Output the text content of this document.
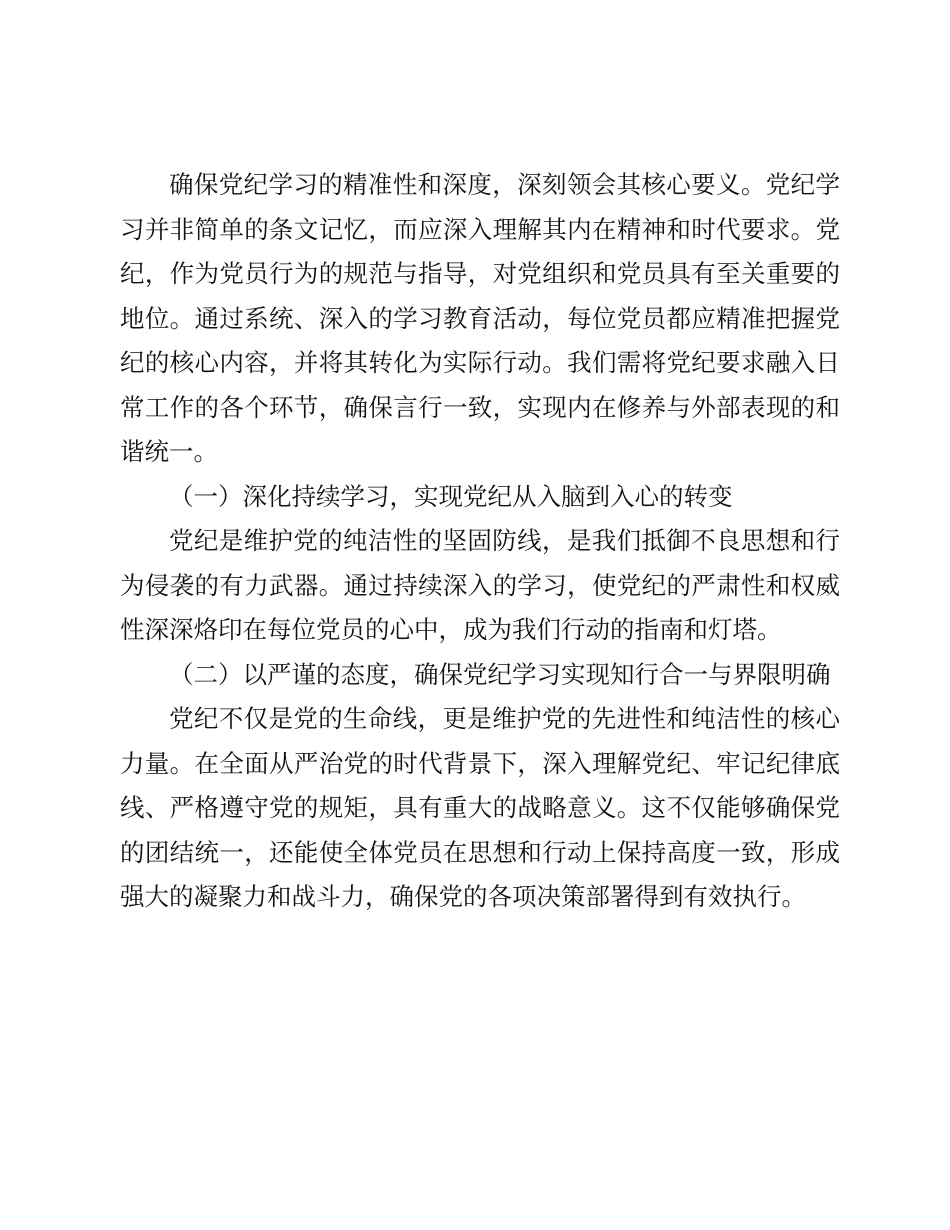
确保党纪学习的精准性和深度，深刻领会其核心要义。党纪学习并非简单的条文记忆，而应深入理解其内在精神和时代要求。党纪，作为党员行为的规范与指导，对党组织和党员具有至关重要的地位。通过系统、深入的学习教育活动，每位党员都应精准把握党纪的核心内容，并将其转化为实际行动。我们需将党纪要求融入日常工作的各个环节，确保言行一致，实现内在修养与外部表现的和谐统一。

（一）深化持续学习，实现党纪从入脑到入心的转变

党纪是维护党的纯洁性的坚固防线，是我们抵御不良思想和行为侵袭的有力武器。通过持续深入的学习，使党纪的严肃性和权威性深深烙印在每位党员的心中，成为我们行动的指南和灯塔。

（二）以严谨的态度，确保党纪学习实现知行合一与界限明确

党纪不仅是党的生命线，更是维护党的先进性和纯洁性的核心力量。在全面从严治党的时代背景下，深入理解党纪、牢记纪律底线、严格遵守党的规矩，具有重大的战略意义。这不仅能够确保党的团结统一，还能使全体党员在思想和行动上保持高度一致，形成强大的凝聚力和战斗力，确保党的各项决策部署得到有效执行。
